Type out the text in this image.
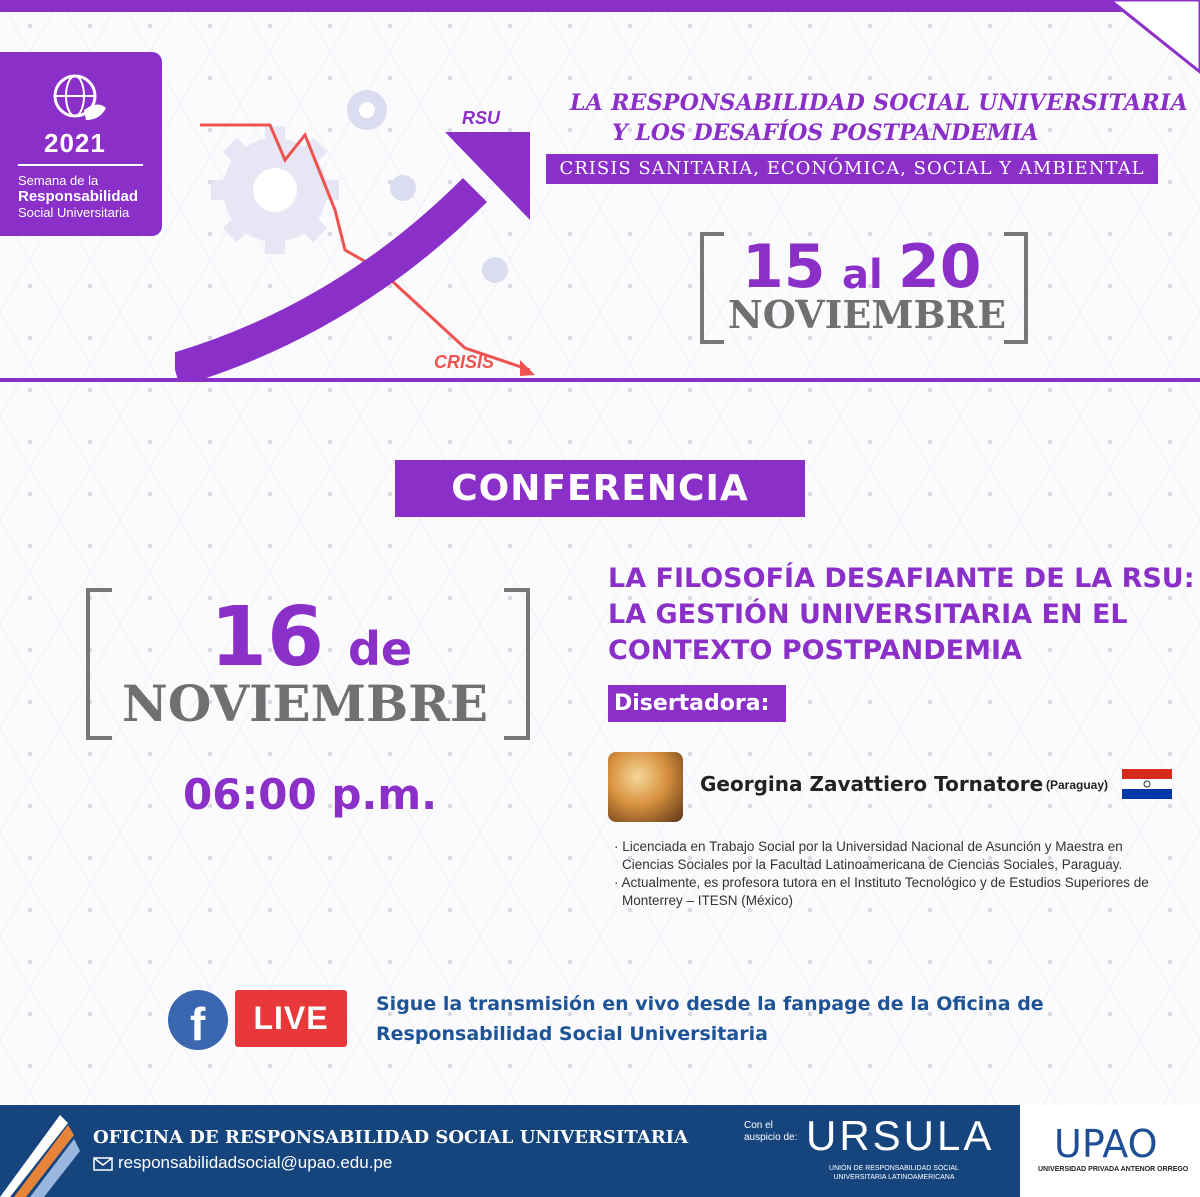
2021
Semana de la
Responsabilidad
Social Universitaria
RSU
CRISIS
LA RESPONSABILIDAD SOCIAL UNIVERSITARIA
Y LOS DESAFÍOS POSTPANDEMIA
CRISIS SANITARIA, ECONÓMICA, SOCIAL Y AMBIENTAL
15 al 20
NOVIEMBRE
CONFERENCIA
16 de
NOVIEMBRE
06:00 p.m.
LA FILOSOFÍA DESAFIANTE DE LA RSU:
LA GESTIÓN UNIVERSITARIA EN EL
CONTEXTO POSTPANDEMIA
Disertadora:
Georgina Zavattiero Tornatore (Paraguay)
· Licenciada en Trabajo Social por la Universidad Nacional de Asunción y Maestra en Ciencias Sociales por la Facultad Latinoamericana de Ciencias Sociales, Paraguay.
· Actualmente, es profesora tutora en el Instituto Tecnológico y de Estudios Superiores de Monterrey – ITESN (México)
f	LIVE	Sigue la transmisión en vivo desde la fanpage de la Oficina de
Responsabilidad Social Universitaria
OFICINA DE RESPONSABILIDAD SOCIAL UNIVERSITARIA
responsabilidadsocial@upao.edu.pe
Con el
auspicio de: URSULA
UNIÓN DE RESPONSABILIDAD SOCIAL
UNIVERSITARIA LATINOAMERICANA
UPAO
UNIVERSIDAD PRIVADA ANTENOR ORREGO
